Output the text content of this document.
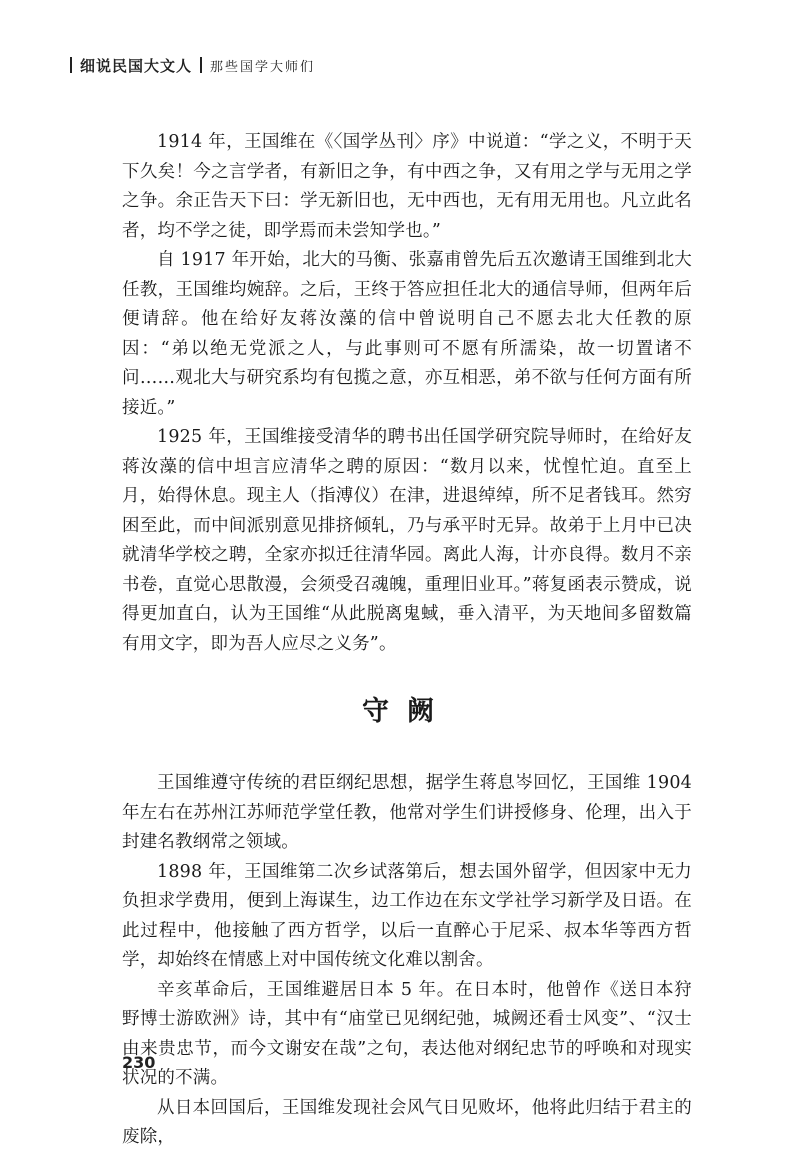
细说民国大文人 那些国学大师们

1914 年，王国维在《〈国学丛刊〉序》中说道：“学之义，不明于天下久矣！今之言学者，有新旧之争，有中西之争，又有用之学与无用之学之争。余正告天下曰：学无新旧也，无中西也，无有用无用也。凡立此名者，均不学之徒，即学焉而未尝知学也。”

自 1917 年开始，北大的马衡、张嘉甫曾先后五次邀请王国维到北大任教，王国维均婉辞。之后，王终于答应担任北大的通信导师，但两年后便请辞。他在给好友蒋汝藻的信中曾说明自己不愿去北大任教的原因：“弟以绝无党派之人，与此事则可不愿有所濡染，故一切置诸不问……观北大与研究系均有包揽之意，亦互相恶，弟不欲与任何方面有所接近。”

1925 年，王国维接受清华的聘书出任国学研究院导师时，在给好友蒋汝藻的信中坦言应清华之聘的原因：“数月以来，忧惶忙迫。直至上月，始得休息。现主人（指溥仪）在津，进退绰绰，所不足者钱耳。然穷困至此，而中间派别意见排挤倾轧，乃与承平时无异。故弟于上月中已决就清华学校之聘，全家亦拟迁往清华园。离此人海，计亦良得。数月不亲书卷，直觉心思散漫，会须受召魂魄，重理旧业耳。”蒋复函表示赞成，说得更加直白，认为王国维“从此脱离鬼蜮，垂入清平，为天地间多留数篇有用文字，即为吾人应尽之义务”。

守阙

王国维遵守传统的君臣纲纪思想，据学生蒋息岑回忆，王国维 1904 年左右在苏州江苏师范学堂任教，他常对学生们讲授修身、伦理，出入于封建名教纲常之领域。

1898 年，王国维第二次乡试落第后，想去国外留学，但因家中无力负担求学费用，便到上海谋生，边工作边在东文学社学习新学及日语。在此过程中，他接触了西方哲学，以后一直醉心于尼采、叔本华等西方哲学，却始终在情感上对中国传统文化难以割舍。

辛亥革命后，王国维避居日本 5 年。在日本时，他曾作《送日本狩野博士游欧洲》诗，其中有“庙堂已见纲纪弛，城阙还看士风变”、“汉士由来贵忠节，而今文谢安在哉”之句，表达他对纲纪忠节的呼唤和对现实状况的不满。

从日本回国后，王国维发现社会风气日见败坏，他将此归结于君主的废除，

230
